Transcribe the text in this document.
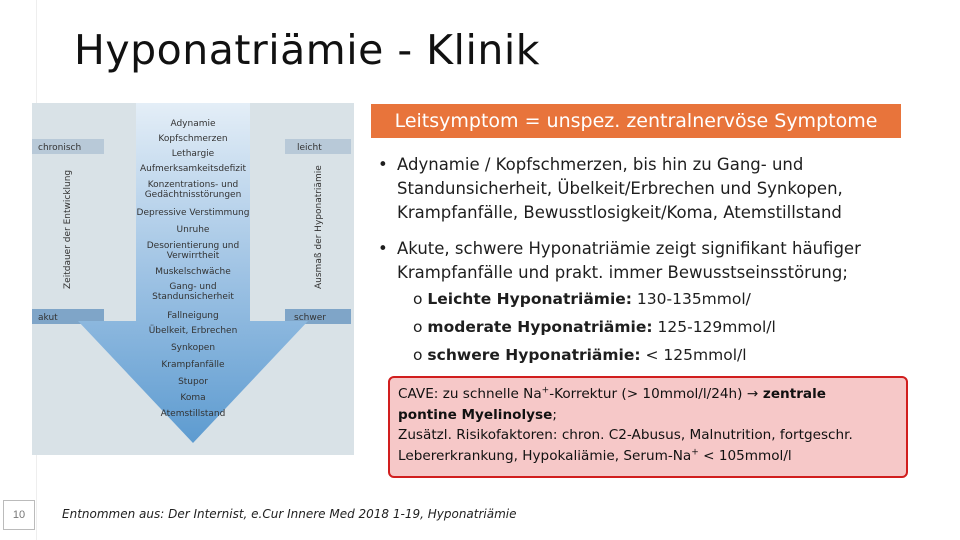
Hyponatriämie - Klinik
Zeitdauer der Entwicklung	Ausmaß der Hyponatriämie
chronisch
akut
leicht
schwer
Adynamie
Kopfschmerzen
Lethargie
Aufmerksamkeitsdefizit
Konzentrations- und
Gedächtnisstörungen
Depressive Verstimmung
Unruhe
Desorientierung und
Verwirrtheit
Muskelschwäche
Gang- und
Standunsicherheit
Fallneigung
Übelkeit, Erbrechen
Synkopen
Krampfanfälle
Stupor
Koma
Atemstillstand
Leitsymptom = unspez. zentralnervöse Symptome
• Adynamie / Kopfschmerzen, bis hin zu Gang- und Standunsicherheit, Übelkeit/Erbrechen und Synkopen, Krampfanfälle, Bewusstlosigkeit/Koma, Atemstillstand
• Akute, schwere Hyponatriämie zeigt signifikant häufiger Krampfanfälle und prakt. immer Bewusstseinsstörung;
o Leichte Hyponatriämie: 130-135mmol/
o moderate Hyponatriämie: 125-129mmol/l
o schwere Hyponatriämie: < 125mmol/l
CAVE: zu schnelle Na+-Korrektur (> 10mmol/l/24h) → zentrale
pontine Myelinolyse;
Zusätzl. Risikofaktoren: chron. C2-Abusus, Malnutrition, fortgeschr.
Lebererkrankung, Hypokaliämie, Serum-Na+ < 105mmol/l
10	Entnommen aus: Der Internist, e.Cur Innere Med 2018 1-19, Hyponatriämie
